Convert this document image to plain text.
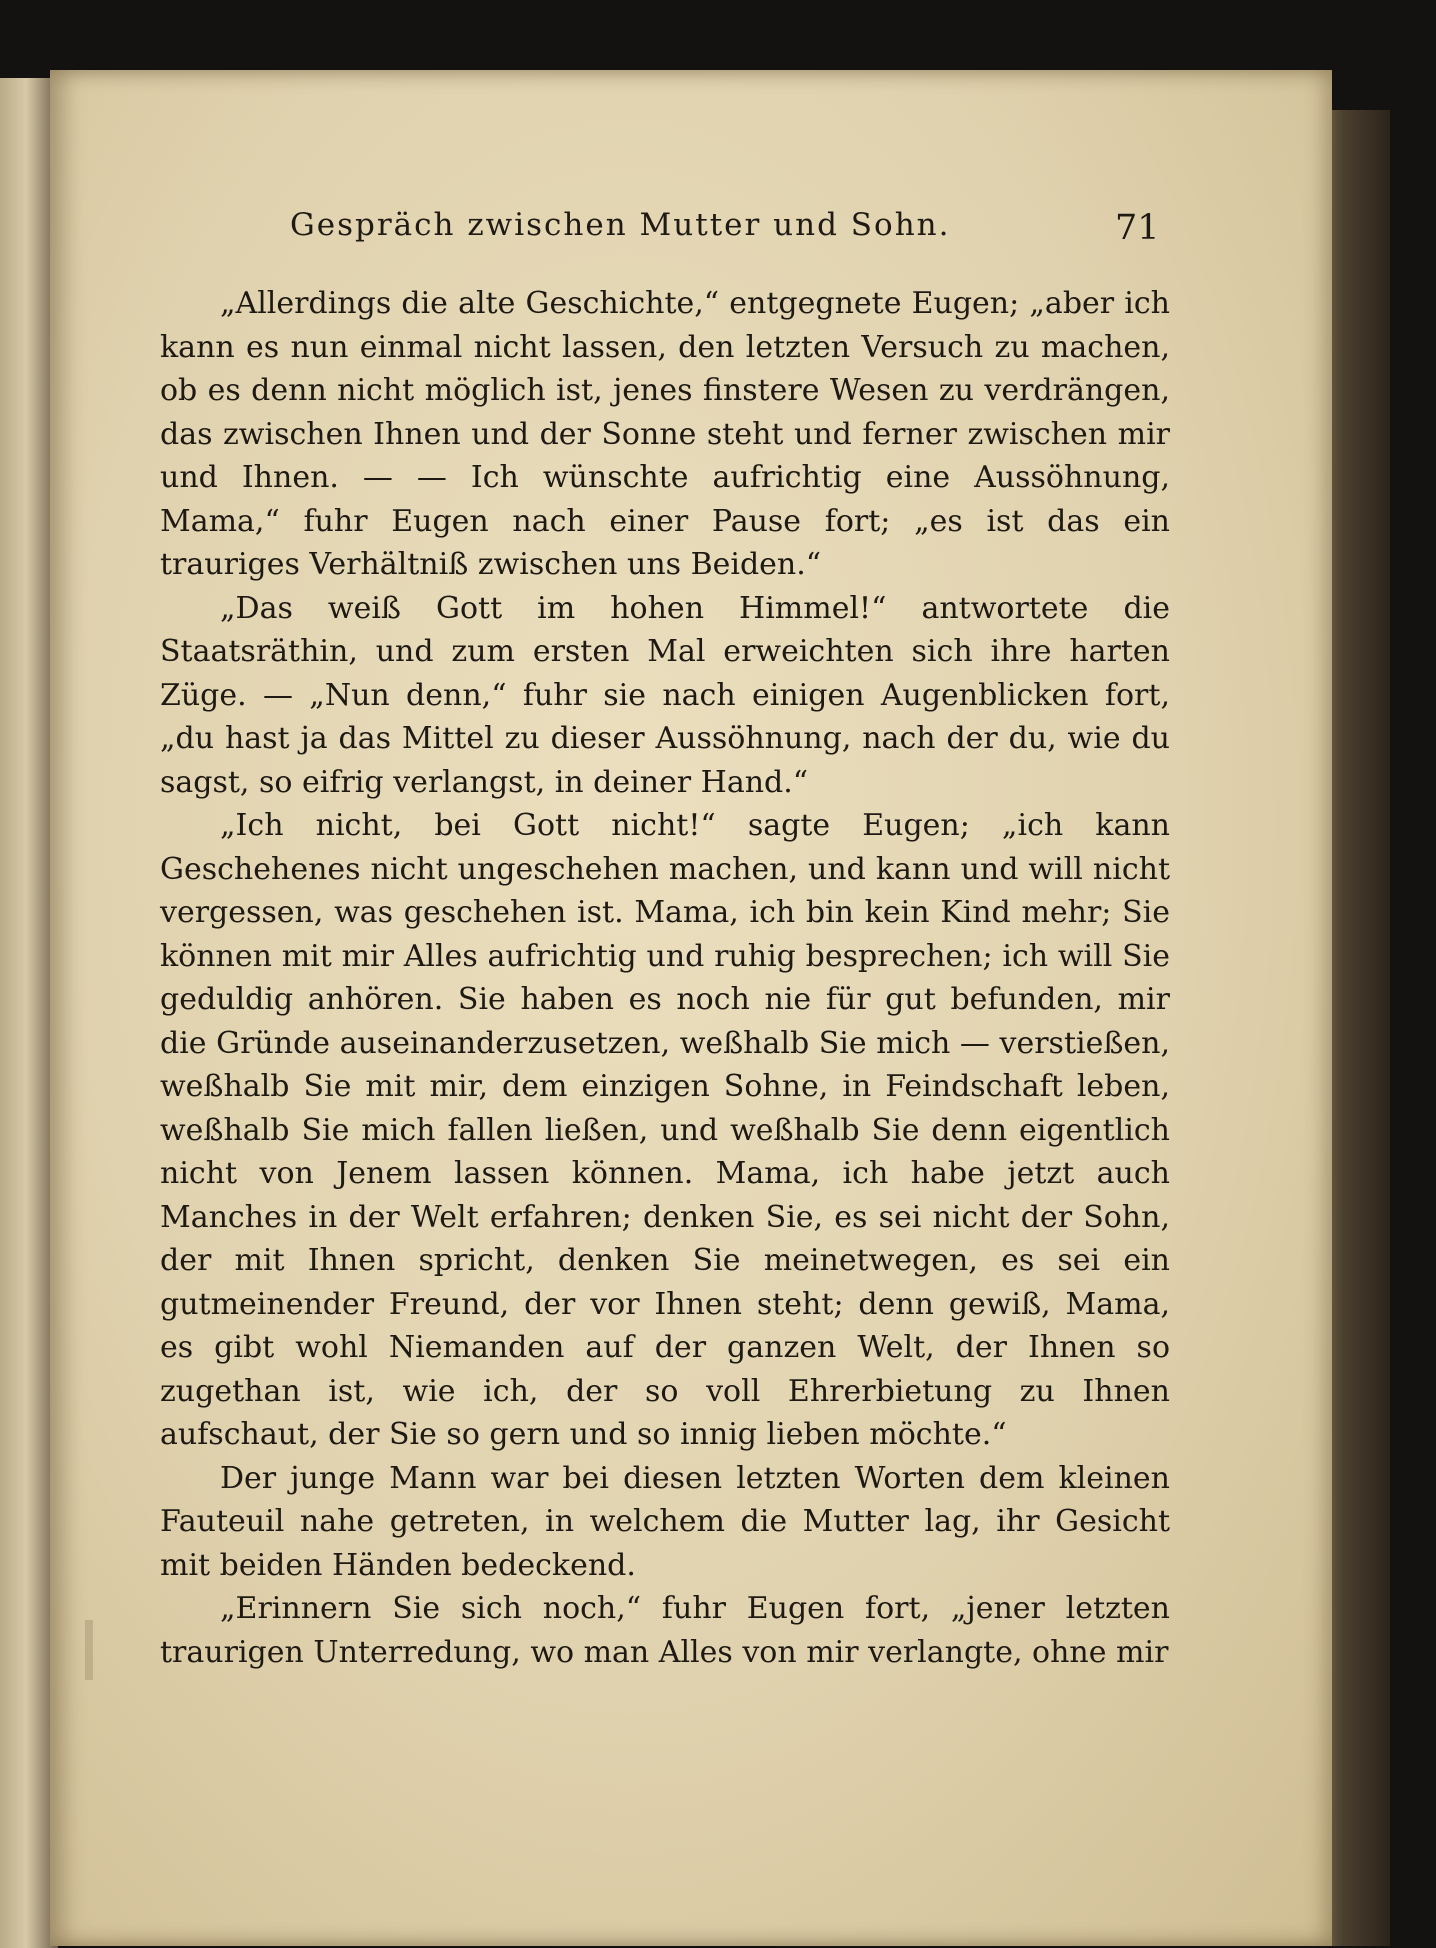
Gespräch zwischen Mutter und Sohn.	71

„Allerdings die alte Geschichte,“ entgegnete Eugen; „aber ich kann es nun einmal nicht lassen, den letzten Versuch zu machen, ob es denn nicht möglich ist, jenes finstere Wesen zu verdrängen, das zwischen Ihnen und der Sonne steht und ferner zwischen mir und Ihnen. — — Ich wünschte aufrichtig eine Aussöhnung, Mama,“ fuhr Eugen nach einer Pause fort; „es ist das ein trauriges Verhältniß zwischen uns Beiden.“

„Das weiß Gott im hohen Himmel!“ antwortete die Staatsräthin, und zum ersten Mal erweichten sich ihre harten Züge. — „Nun denn,“ fuhr sie nach einigen Augenblicken fort, „du hast ja das Mittel zu dieser Aussöhnung, nach der du, wie du sagst, so eifrig verlangst, in deiner Hand.“

„Ich nicht, bei Gott nicht!“ sagte Eugen; „ich kann Geschehenes nicht ungeschehen machen, und kann und will nicht vergessen, was geschehen ist. Mama, ich bin kein Kind mehr; Sie können mit mir Alles aufrichtig und ruhig besprechen; ich will Sie geduldig anhören. Sie haben es noch nie für gut befunden, mir die Gründe auseinanderzusetzen, weßhalb Sie mich — verstießen, weßhalb Sie mit mir, dem einzigen Sohne, in Feindschaft leben, weßhalb Sie mich fallen ließen, und weßhalb Sie denn eigentlich nicht von Jenem lassen können. Mama, ich habe jetzt auch Manches in der Welt erfahren; denken Sie, es sei nicht der Sohn, der mit Ihnen spricht, denken Sie meinetwegen, es sei ein gutmeinender Freund, der vor Ihnen steht; denn gewiß, Mama, es gibt wohl Niemanden auf der ganzen Welt, der Ihnen so zugethan ist, wie ich, der so voll Ehrerbietung zu Ihnen aufschaut, der Sie so gern und so innig lieben möchte.“

Der junge Mann war bei diesen letzten Worten dem kleinen Fauteuil nahe getreten, in welchem die Mutter lag, ihr Gesicht mit beiden Händen bedeckend.

„Erinnern Sie sich noch,“ fuhr Eugen fort, „jener letzten traurigen Unterredung, wo man Alles von mir verlangte, ohne mir
